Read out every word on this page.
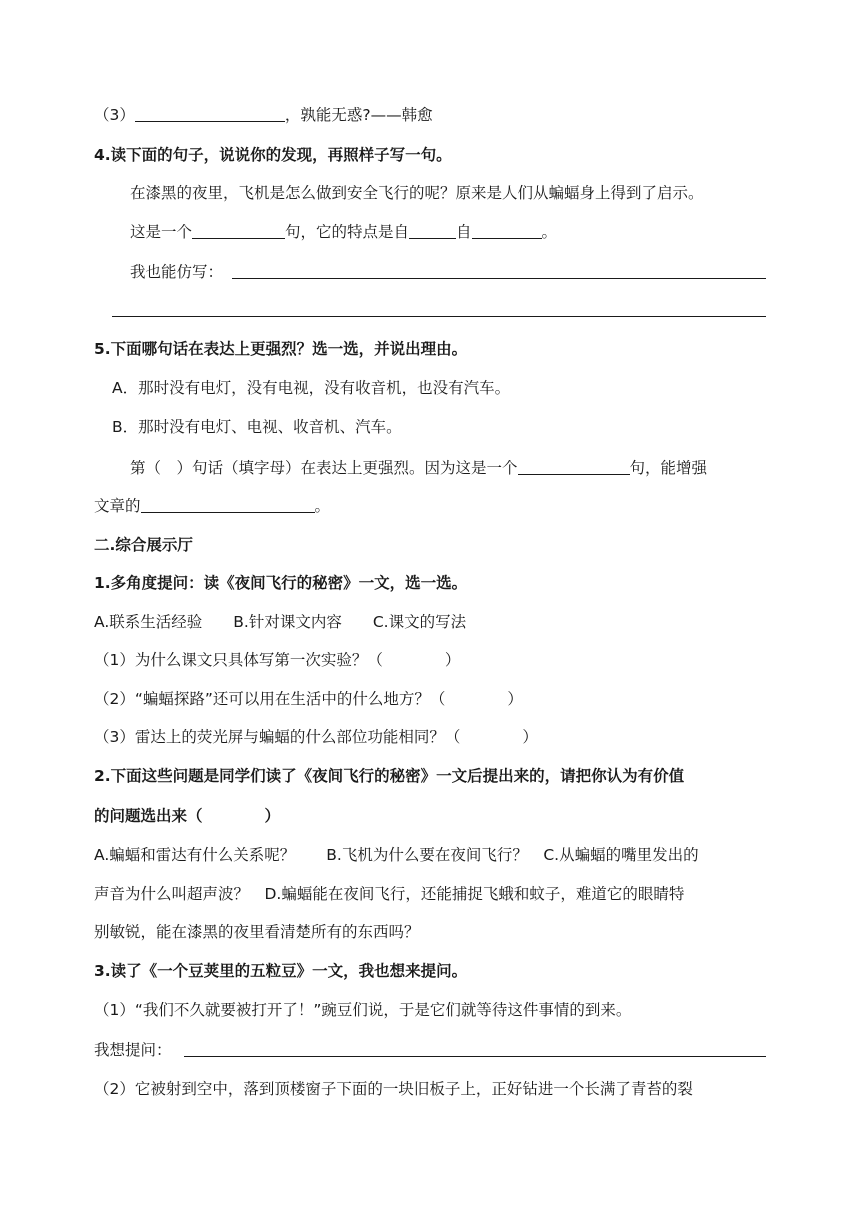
（3）	，孰能无惑?——韩愈
4.读下面的句子，说说你的发现，再照样子写一句。
在漆黑的夜里，飞机是怎么做到安全飞行的呢？原来是人们从蝙蝠身上得到了启示。
这是一个	句，它的特点是自	自	。
我也能仿写：
5.下面哪句话在表达上更强烈？选一选，并说出理由。
A．那时没有电灯，没有电视，没有收音机，也没有汽车。
B．那时没有电灯、电视、收音机、汽车。
第（　）句话（填字母）在表达上更强烈。因为这是一个	句，能增强
文章的	。
二.综合展示厅
1.多角度提问：读《夜间飞行的秘密》一文，选一选。
A.联系生活经验　　B.针对课文内容　　C.课文的写法
（1）为什么课文只具体写第一次实验？（　　　　）
（2）“蝙蝠探路”还可以用在生活中的什么地方？（　　　　）
（3）雷达上的荧光屏与蝙蝠的什么部位功能相同？（　　　　）
2.下面这些问题是同学们读了《夜间飞行的秘密》一文后提出来的，请把你认为有价值
的问题选出来（　　　　）
A.蝙蝠和雷达有什么关系呢？　　B.飞机为什么要在夜间飞行？　C.从蝙蝠的嘴里发出的
声音为什么叫超声波？　D.蝙蝠能在夜间飞行，还能捕捉飞蛾和蚊子，难道它的眼睛特
别敏锐，能在漆黑的夜里看清楚所有的东西吗？
3.读了《一个豆荚里的五粒豆》一文，我也想来提问。
（1）“我们不久就要被打开了！”豌豆们说，于是它们就等待这件事情的到来。
我想提问：
（2）它被射到空中，落到顶楼窗子下面的一块旧板子上，正好钻进一个长满了青苔的裂
